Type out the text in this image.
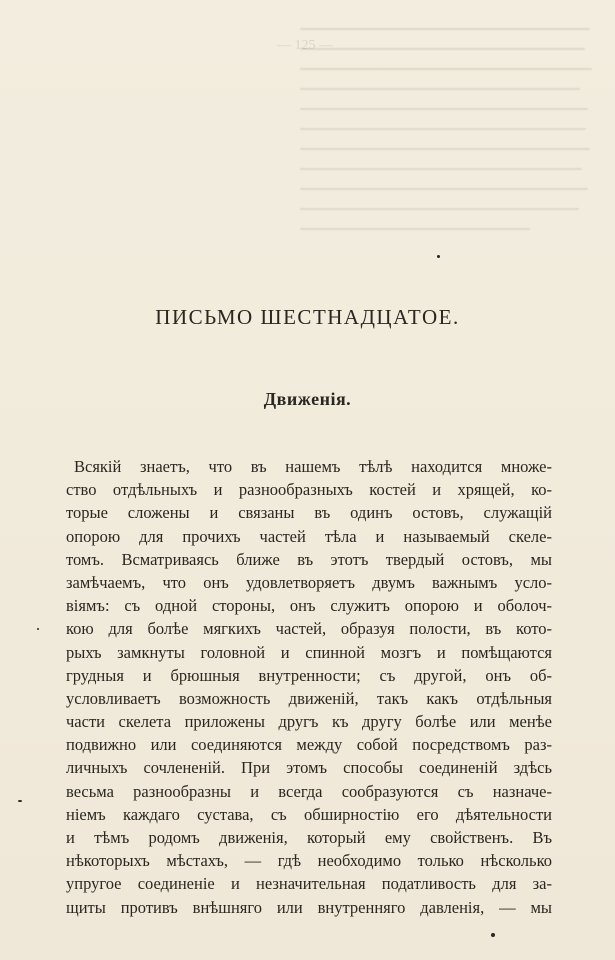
— 125 —
ПИСЬМО ШЕСТНАДЦАТОЕ.
Движенія.
Всякій знаетъ, что въ нашемъ тѣлѣ находится множе-
ство отдѣльныхъ и разнообразныхъ костей и хрящей, ко-
торые сложены и связаны въ одинъ остовъ, служащій
опорою для прочихъ частей тѣла и называемый скеле-
томъ. Всматриваясь ближе въ этотъ твердый остовъ, мы
замѣчаемъ, что онъ удовлетворяетъ двумъ важнымъ усло-
віямъ: съ одной стороны, онъ служитъ опорою и оболоч-
кою для болѣе мягкихъ частей, образуя полости, въ кото-
рыхъ замкнуты головной и спинной мозгъ и помѣщаются
грудныя и брюшныя внутренности; съ другой, онъ об-
условливаетъ возможность движеній, такъ какъ отдѣльныя
части скелета приложены другъ къ другу болѣе или менѣе
подвижно или соединяются между собой посредствомъ раз-
личныхъ сочлененій. При этомъ способы соединеній здѣсь
весьма разнообразны и всегда сообразуются съ назначе-
ніемъ каждаго сустава, съ обширностію его дѣятельности
и тѣмъ родомъ движенія, который ему свойственъ. Въ
нѣкоторыхъ мѣстахъ, — гдѣ необходимо только нѣсколько
упругое соединеніе и незначительная податливость для за-
щиты противъ внѣшняго или внутренняго давленія, — мы
